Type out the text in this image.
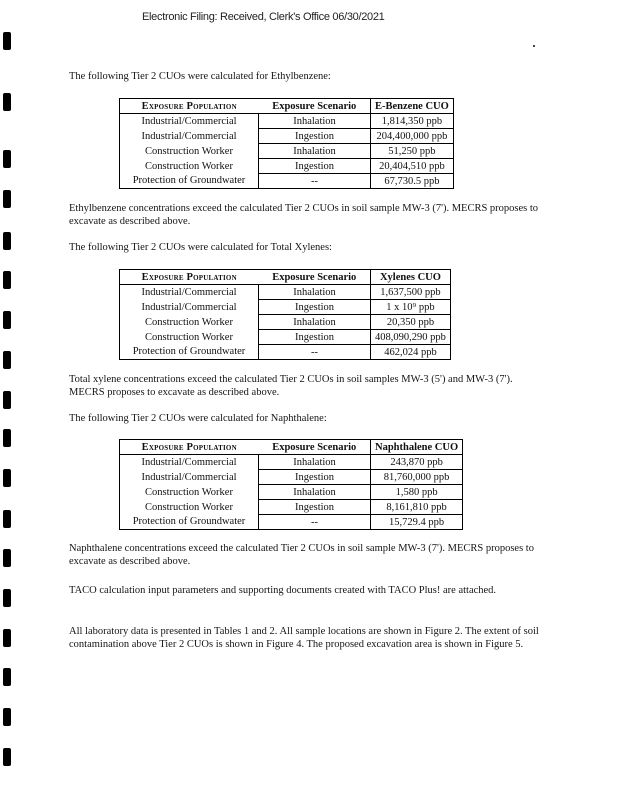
Electronic Filing: Received, Clerk's Office 06/30/2021

The following Tier 2 CUOs were calculated for Ethylbenzene:

Exposure Population	Exposure Scenario	E-Benzene CUO
Industrial/Commercial	Inhalation	1,814,350 ppb
Industrial/Commercial	Ingestion	204,400,000 ppb
Construction Worker	Inhalation	51,250 ppb
Construction Worker	Ingestion	20,404,510 ppb
Protection of Groundwater	--	67,730.5 ppb

Ethylbenzene concentrations exceed the calculated Tier 2 CUOs in soil sample MW-3 (7'). MECRS proposes to excavate as described above.

The following Tier 2 CUOs were calculated for Total Xylenes:

Exposure Population	Exposure Scenario	Xylenes CUO
Industrial/Commercial	Inhalation	1,637,500 ppb
Industrial/Commercial	Ingestion	1 x 10⁹ ppb
Construction Worker	Inhalation	20,350 ppb
Construction Worker	Ingestion	408,090,290 ppb
Protection of Groundwater	--	462,024 ppb

Total xylene concentrations exceed the calculated Tier 2 CUOs in soil samples MW-3 (5') and MW-3 (7'). MECRS proposes to excavate as described above.

The following Tier 2 CUOs were calculated for Naphthalene:

Exposure Population	Exposure Scenario	Naphthalene CUO
Industrial/Commercial	Inhalation	243,870 ppb
Industrial/Commercial	Ingestion	81,760,000 ppb
Construction Worker	Inhalation	1,580 ppb
Construction Worker	Ingestion	8,161,810 ppb
Protection of Groundwater	--	15,729.4 ppb

Naphthalene concentrations exceed the calculated Tier 2 CUOs in soil sample MW-3 (7'). MECRS proposes to excavate as described above.

TACO calculation input parameters and supporting documents created with TACO Plus! are attached.

All laboratory data is presented in Tables 1 and 2. All sample locations are shown in Figure 2. The extent of soil contamination above Tier 2 CUOs is shown in Figure 4. The proposed excavation area is shown in Figure 5.
